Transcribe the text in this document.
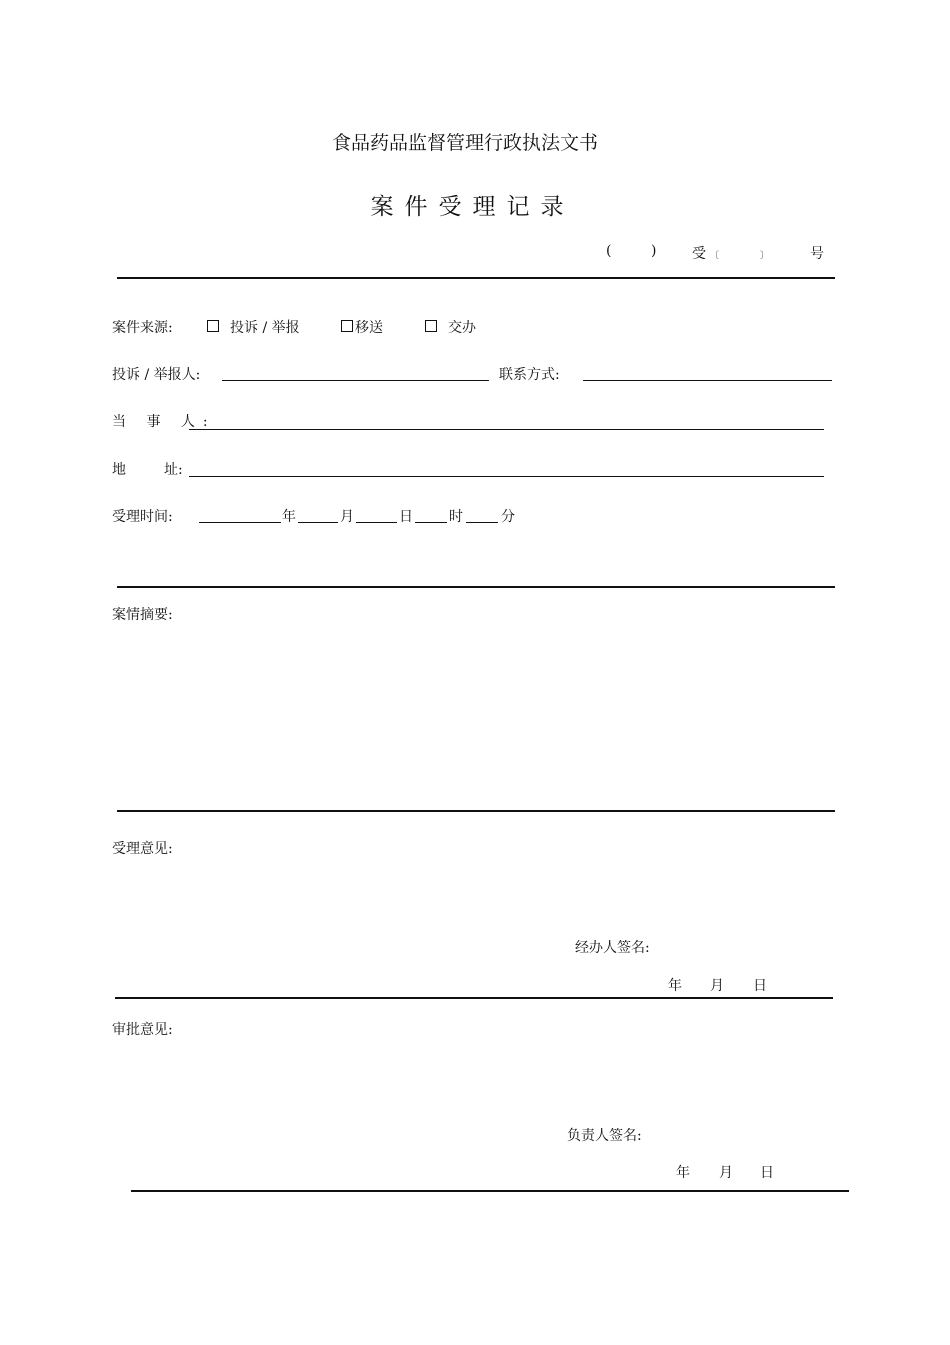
食品药品监督管理行政执法文书
案件受理记录
(	)	受 〔	〕	号
案件来源:	投诉 / 举报	移送	交办
投诉 / 举报人:	联系方式:
当 事 人:
地	址:
受理时间:	年	月	日	时	分
案情摘要:
受理意见:
经办人签名:
年 月 日
审批意见:
负责人签名:
年 月 日
